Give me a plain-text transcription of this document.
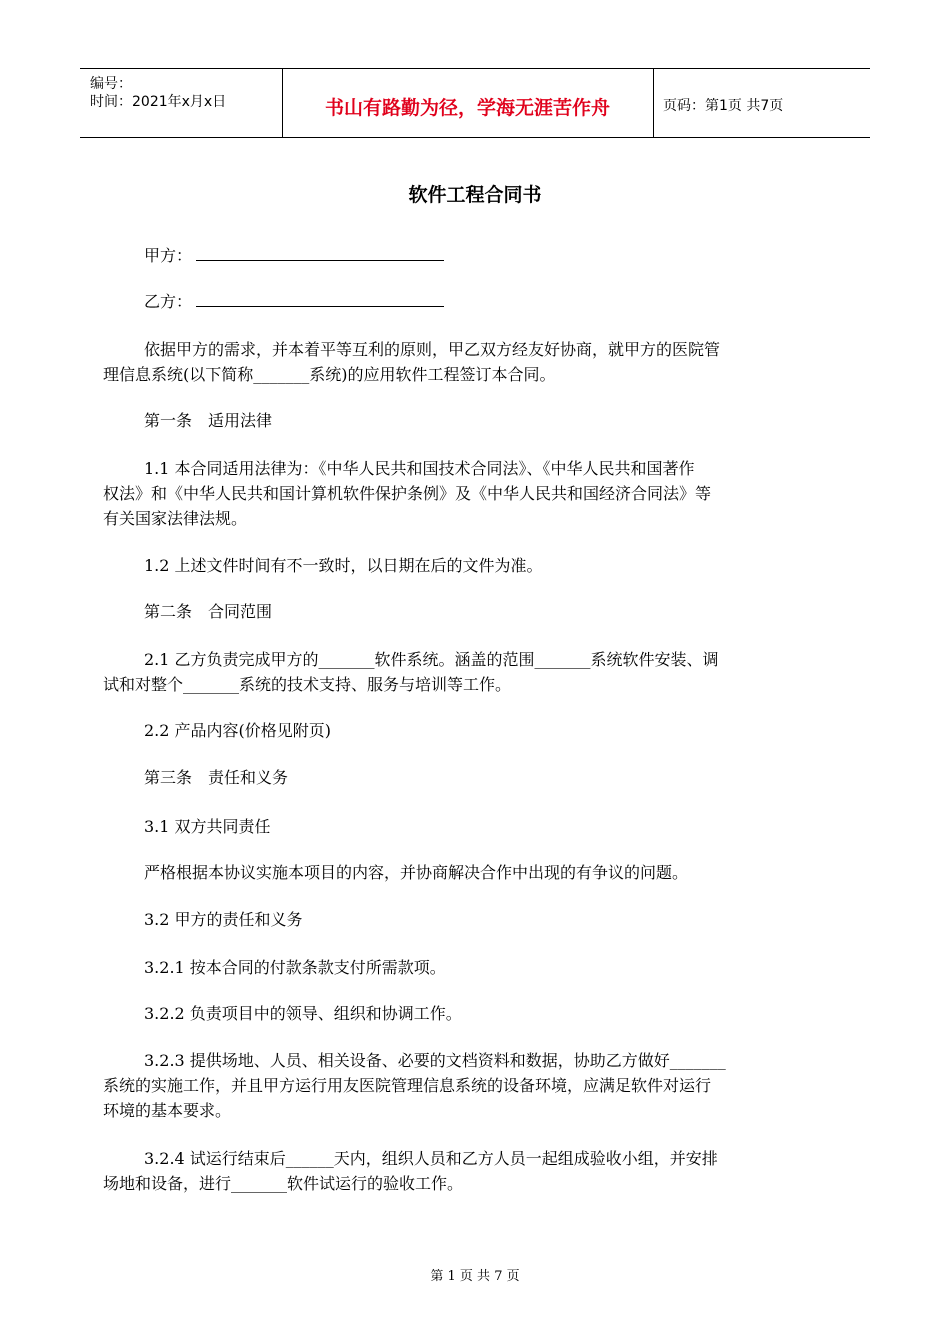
编号：
时间：2021年x月x日	书山有路勤为径，学海无涯苦作舟	页码：第1页 共7页
软件工程合同书
甲方：
乙方：
依据甲方的需求，并本着平等互利的原则，甲乙双方经友好协商，就甲方的医院管
理信息系统(以下简称_______系统)的应用软件工程签订本合同。
第一条　适用法律
1.1 本合同适用法律为：《中华人民共和国技术合同法》、《中华人民共和国著作
权法》和《中华人民共和国计算机软件保护条例》及《中华人民共和国经济合同法》等
有关国家法律法规。
1.2 上述文件时间有不一致时，以日期在后的文件为准。
第二条　合同范围
2.1 乙方负责完成甲方的_______软件系统。涵盖的范围_______系统软件安装、调
试和对整个_______系统的技术支持、服务与培训等工作。
2.2 产品内容(价格见附页)
第三条　责任和义务
3.1 双方共同责任
严格根据本协议实施本项目的内容，并协商解决合作中出现的有争议的问题。
3.2 甲方的责任和义务
3.2.1 按本合同的付款条款支付所需款项。
3.2.2 负责项目中的领导、组织和协调工作。
3.2.3 提供场地、人员、相关设备、必要的文档资料和数据，协助乙方做好_______
系统的实施工作，并且甲方运行用友医院管理信息系统的设备环境，应满足软件对运行
环境的基本要求。
3.2.4 试运行结束后______天内，组织人员和乙方人员一起组成验收小组，并安排
场地和设备，进行_______软件试运行的验收工作。
第 1 页 共 7 页
